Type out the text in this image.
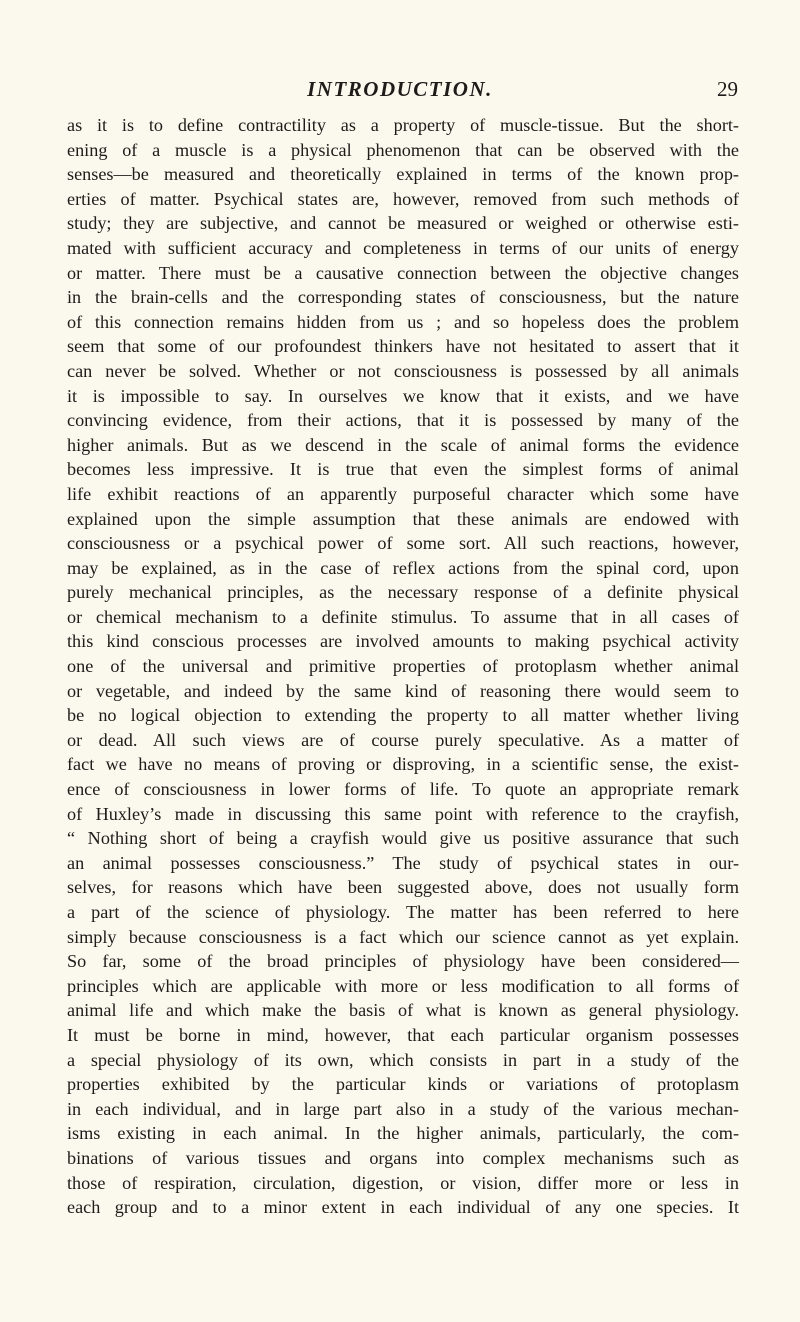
INTRODUCTION.	29
as it is to define contractility as a property of muscle-tissue. But the short-
ening of a muscle is a physical phenomenon that can be observed with the
senses—be measured and theoretically explained in terms of the known prop-
erties of matter. Psychical states are, however, removed from such methods of
study; they are subjective, and cannot be measured or weighed or otherwise esti-
mated with sufficient accuracy and completeness in terms of our units of energy
or matter. There must be a causative connection between the objective changes
in the brain-cells and the corresponding states of consciousness, but the nature
of this connection remains hidden from us ; and so hopeless does the problem
seem that some of our profoundest thinkers have not hesitated to assert that it
can never be solved. Whether or not consciousness is possessed by all animals
it is impossible to say. In ourselves we know that it exists, and we have
convincing evidence, from their actions, that it is possessed by many of the
higher animals. But as we descend in the scale of animal forms the evidence
becomes less impressive. It is true that even the simplest forms of animal
life exhibit reactions of an apparently purposeful character which some have
explained upon the simple assumption that these animals are endowed with
consciousness or a psychical power of some sort. All such reactions, however,
may be explained, as in the case of reflex actions from the spinal cord, upon
purely mechanical principles, as the necessary response of a definite physical
or chemical mechanism to a definite stimulus. To assume that in all cases of
this kind conscious processes are involved amounts to making psychical activity
one of the universal and primitive properties of protoplasm whether animal
or vegetable, and indeed by the same kind of reasoning there would seem to
be no logical objection to extending the property to all matter whether living
or dead. All such views are of course purely speculative. As a matter of
fact we have no means of proving or disproving, in a scientific sense, the exist-
ence of consciousness in lower forms of life. To quote an appropriate remark
of Huxley’s made in discussing this same point with reference to the crayfish,
“ Nothing short of being a crayfish would give us positive assurance that such
an animal possesses consciousness.” The study of psychical states in our-
selves, for reasons which have been suggested above, does not usually form
a part of the science of physiology. The matter has been referred to here
simply because consciousness is a fact which our science cannot as yet explain.
So far, some of the broad principles of physiology have been considered—
principles which are applicable with more or less modification to all forms of
animal life and which make the basis of what is known as general physiology.
It must be borne in mind, however, that each particular organism possesses
a special physiology of its own, which consists in part in a study of the
properties exhibited by the particular kinds or variations of protoplasm
in each individual, and in large part also in a study of the various mechan-
isms existing in each animal. In the higher animals, particularly, the com-
binations of various tissues and organs into complex mechanisms such as
those of respiration, circulation, digestion, or vision, differ more or less in
each group and to a minor extent in each individual of any one species. It
